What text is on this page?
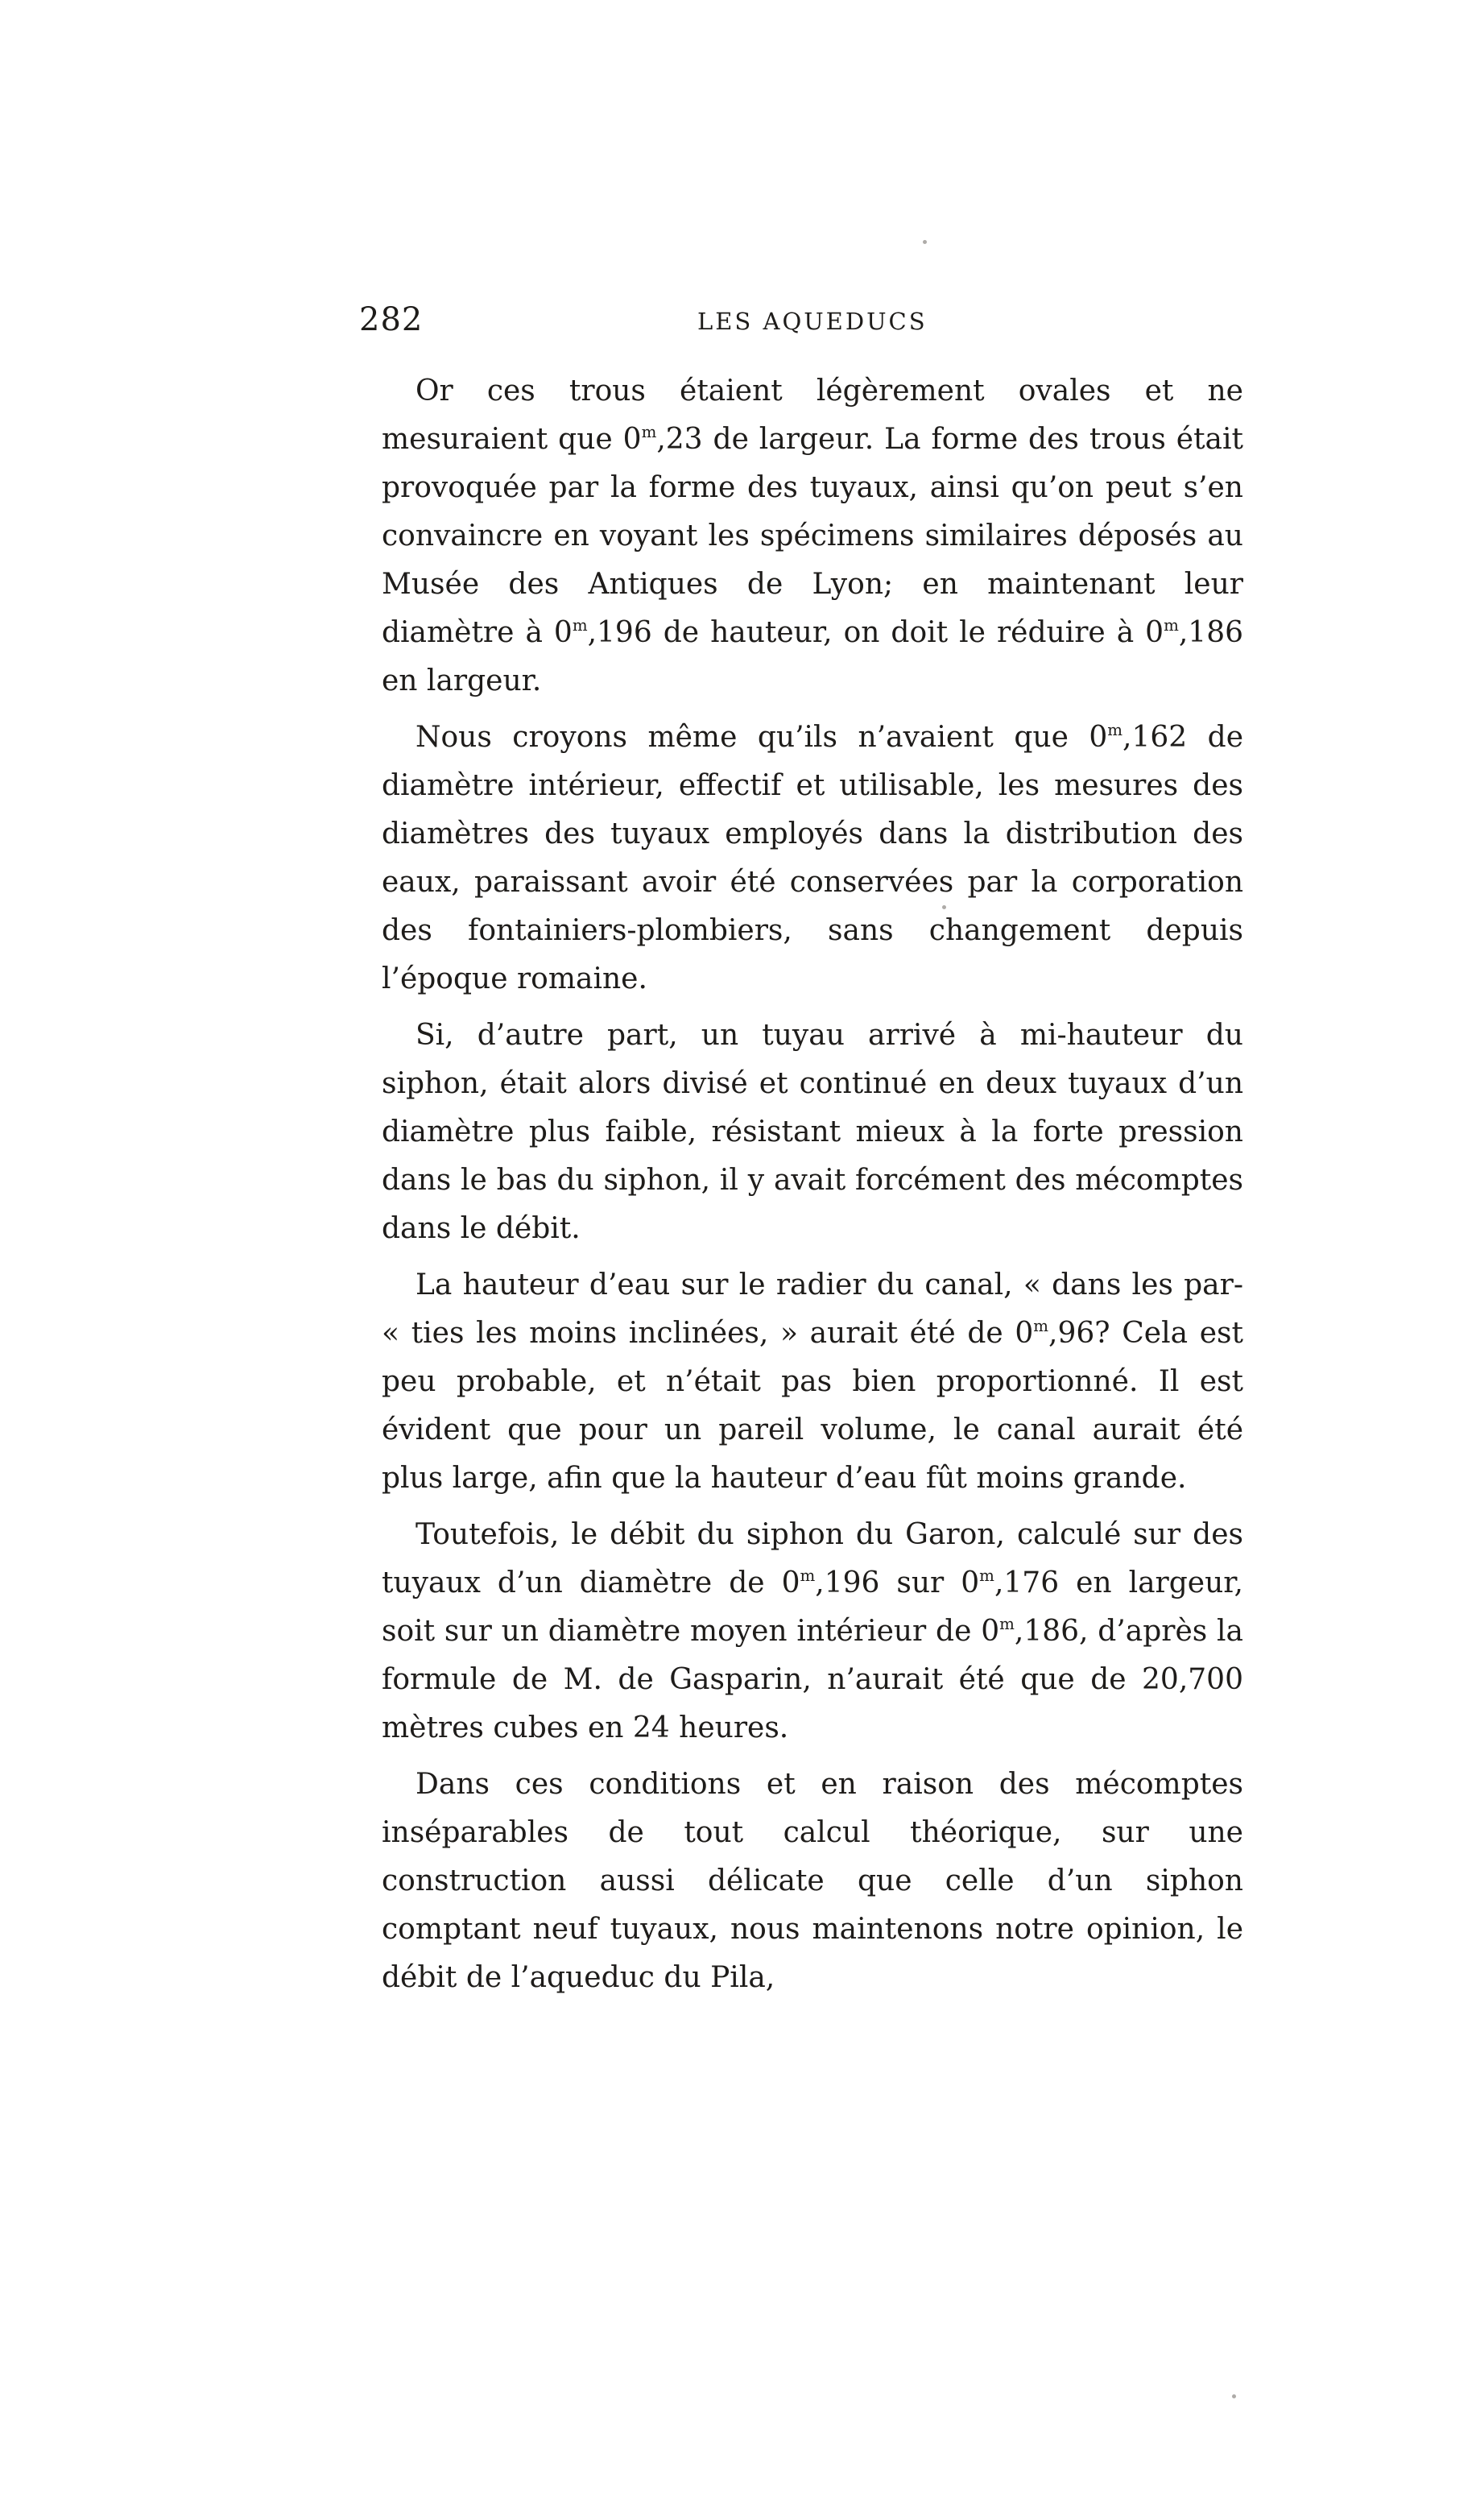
282	LES AQUEDUCS

Or ces trous étaient légèrement ovales et ne mesuraient que 0$^m$,23 de largeur. La forme des trous était provoquée par la forme des tuyaux, ainsi qu’on peut s’en convaincre en voyant les spécimens similaires déposés au Musée des Antiques de Lyon; en maintenant leur diamètre à 0$^m$,196 de hauteur, on doit le réduire à 0$^m$,186 en largeur.

Nous croyons même qu’ils n’avaient que 0$^m$,162 de diamètre intérieur, effectif et utilisable, les mesures des diamètres des tuyaux employés dans la distribution des eaux, paraissant avoir été conservées par la corporation des fontainiers-plombiers, sans changement depuis l’époque romaine.

Si, d’autre part, un tuyau arrivé à mi-hauteur du siphon, était alors divisé et continué en deux tuyaux d’un diamètre plus faible, résistant mieux à la forte pression dans le bas du siphon, il y avait forcément des mécomptes dans le débit.

La hauteur d’eau sur le radier du canal, « dans les par- « ties les moins inclinées, » aurait été de 0$^m$,96? Cela est peu probable, et n’était pas bien proportionné. Il est évident que pour un pareil volume, le canal aurait été plus large, afin que la hauteur d’eau fût moins grande.

Toutefois, le débit du siphon du Garon, calculé sur des tuyaux d’un diamètre de 0$^m$,196 sur 0$^m$,176 en largeur, soit sur un diamètre moyen intérieur de 0$^m$,186, d’après la formule de M. de Gasparin, n’aurait été que de 20,700 mètres cubes en 24 heures.

Dans ces conditions et en raison des mécomptes inséparables de tout calcul théorique, sur une construction aussi délicate que celle d’un siphon comptant neuf tuyaux, nous maintenons notre opinion, le débit de l’aqueduc du Pila,
